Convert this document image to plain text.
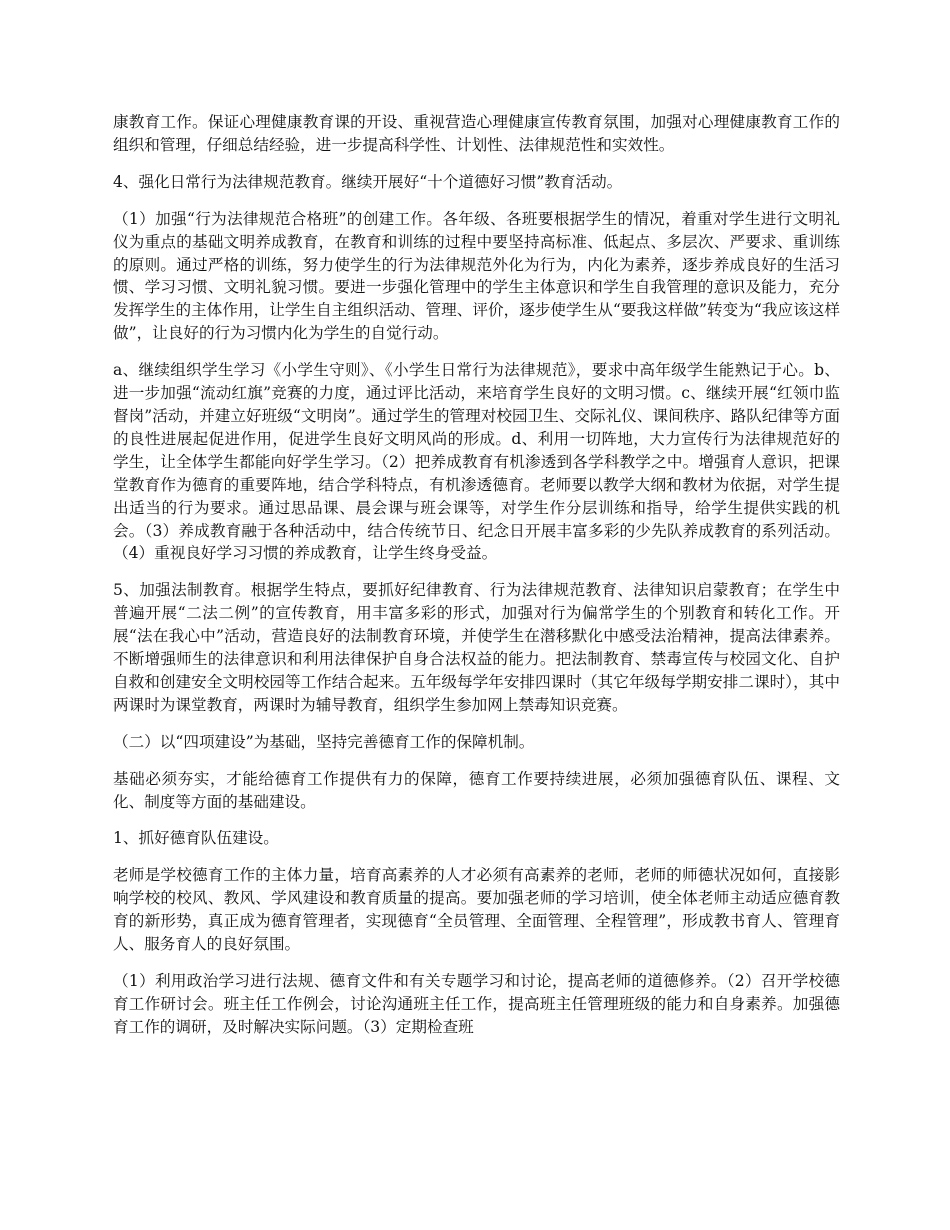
康教育工作。保证心理健康教育课的开设、重视营造心理健康宣传教育氛围，加强对心理健康教育工作的组织和管理，仔细总结经验，进一步提高科学性、计划性、法律规范性和实效性。

4、强化日常行为法律规范教育。继续开展好“十个道德好习惯”教育活动。

（1）加强“行为法律规范合格班”的创建工作。各年级、各班要根据学生的情况，着重对学生进行文明礼仪为重点的基础文明养成教育，在教育和训练的过程中要坚持高标准、低起点、多层次、严要求、重训练的原则。通过严格的训练，努力使学生的行为法律规范外化为行为，内化为素养，逐步养成良好的生活习惯、学习习惯、文明礼貌习惯。要进一步强化管理中的学生主体意识和学生自我管理的意识及能力，充分发挥学生的主体作用，让学生自主组织活动、管理、评价，逐步使学生从“要我这样做”转变为“我应该这样做”，让良好的行为习惯内化为学生的自觉行动。

a、继续组织学生学习《小学生守则》、《小学生日常行为法律规范》，要求中高年级学生能熟记于心。b、进一步加强“流动红旗”竞赛的力度，通过评比活动，来培育学生良好的文明习惯。c、继续开展“红领巾监督岗”活动，并建立好班级“文明岗”。通过学生的管理对校园卫生、交际礼仪、课间秩序、路队纪律等方面的良性进展起促进作用，促进学生良好文明风尚的形成。d、利用一切阵地，大力宣传行为法律规范好的学生，让全体学生都能向好学生学习。（2）把养成教育有机渗透到各学科教学之中。增强育人意识，把课堂教育作为德育的重要阵地，结合学科特点，有机渗透德育。老师要以教学大纲和教材为依据，对学生提出适当的行为要求。通过思品课、晨会课与班会课等，对学生作分层训练和指导，给学生提供实践的机会。（3）养成教育融于各种活动中，结合传统节日、纪念日开展丰富多彩的少先队养成教育的系列活动。（4）重视良好学习习惯的养成教育，让学生终身受益。

5、加强法制教育。根据学生特点，要抓好纪律教育、行为法律规范教育、法律知识启蒙教育；在学生中普遍开展“二法二例”的宣传教育，用丰富多彩的形式，加强对行为偏常学生的个别教育和转化工作。开展“法在我心中”活动，营造良好的法制教育环境，并使学生在潜移默化中感受法治精神，提高法律素养。不断增强师生的法律意识和利用法律保护自身合法权益的能力。把法制教育、禁毒宣传与校园文化、自护自救和创建安全文明校园等工作结合起来。五年级每学年安排四课时（其它年级每学期安排二课时），其中两课时为课堂教育，两课时为辅导教育，组织学生参加网上禁毒知识竞赛。

（二）以“四项建设”为基础，坚持完善德育工作的保障机制。

基础必须夯实，才能给德育工作提供有力的保障，德育工作要持续进展，必须加强德育队伍、课程、文化、制度等方面的基础建设。

1、抓好德育队伍建设。

老师是学校德育工作的主体力量，培育高素养的人才必须有高素养的老师，老师的师德状况如何，直接影响学校的校风、教风、学风建设和教育质量的提高。要加强老师的学习培训，使全体老师主动适应德育教育的新形势，真正成为德育管理者，实现德育“全员管理、全面管理、全程管理”，形成教书育人、管理育人、服务育人的良好氛围。

（1）利用政治学习进行法规、德育文件和有关专题学习和讨论，提高老师的道德修养。（2）召开学校德育工作研讨会。班主任工作例会，讨论沟通班主任工作，提高班主任管理班级的能力和自身素养。加强德育工作的调研，及时解决实际问题。（3）定期检查班
